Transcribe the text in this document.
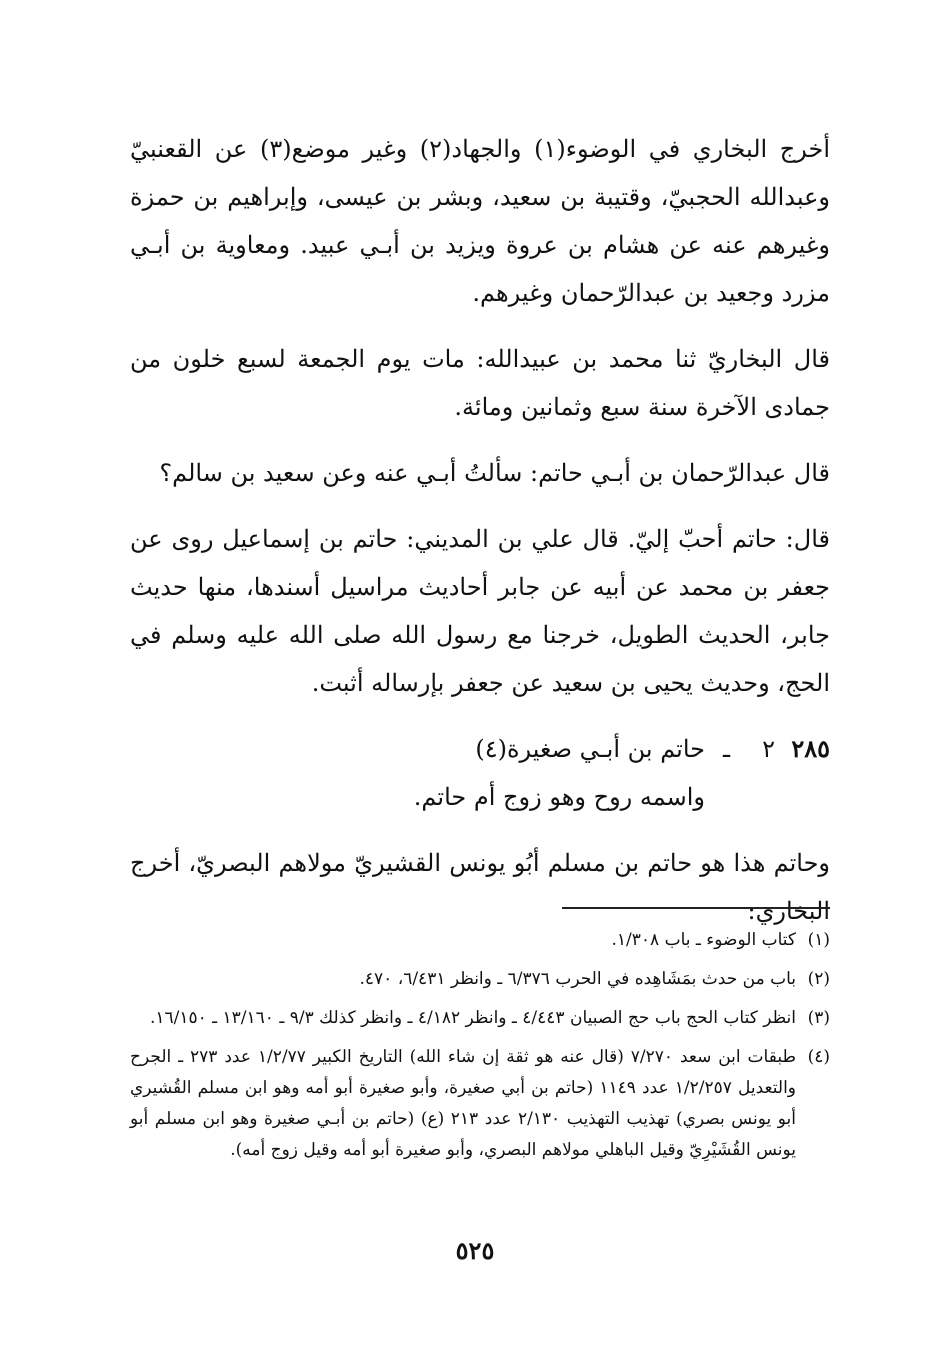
أخرج البخاري في الوضوء(١) والجهاد(٢) وغير موضع(٣) عن القعنبيّ وعبدالله الحجبيّ، وقتيبة بن سعيد، وبشر بن عيسى، وإبراهيم بن حمزة وغيرهم عنه عن هشام بن عروة ويزيد بن أبـي عبيد. ومعاوية بن أبـي مزرد وجعيد بن عبدالرّحمان وغيرهم.

قال البخاريّ ثنا محمد بن عبيدالله: مات يوم الجمعة لسبع خلون من جمادى الآخرة سنة سبع وثمانين ومائة.

قال عبدالرّحمان بن أبـي حاتم: سألتُ أبـي عنه وعن سعيد بن سالم؟

قال: حاتم أحبّ إليّ. قال علي بن المديني: حاتم بن إسماعيل روى عن جعفر بن محمد عن أبيه عن جابر أحاديث مراسيل أسندها، منها حديث جابر، الحديث الطويل، خرجنا مع رسول الله صلى الله عليه وسلم في الحج، وحديث يحيى بن سعيد عن جعفر بإرساله أثبت.

٢٨٥
٢
ـ
حاتم بن أبـي صغيرة(٤)

واسمه روح وهو زوج أم حاتم.

وحاتم هذا هو حاتم بن مسلم أبُو يونس القشيريّ مولاهم البصريّ، أخرج البخاري:

(١)
كتاب الوضوء ـ باب ١/٣٠٨.
(٢)
باب من حدث بمَشَاهِده في الحرب ٦/٣٧٦ ـ وانظر ٦/٤٣١، ٤٧٠.
(٣)
انظر كتاب الحج باب حج الصبيان ٤/٤٤٣ ـ وانظر ٤/١٨٢ ـ وانظر كذلك ٩/٣ ـ ١٣/١٦٠ ـ ١٦/١٥٠.
(٤)
طبقات ابن سعد ٧/٢٧٠ (قال عنه هو ثقة إن شاء الله) التاريخ الكبير ١/٢/٧٧ عدد ٢٧٣ ـ الجرح والتعديل ١/٢/٢٥٧ عدد ١١٤٩ (حاتم بن أبي صغيرة، وأبو صغيرة أبو أمه وهو ابن مسلم القُشيري أبو يونس بصري) تهذيب التهذيب ٢/١٣٠ عدد ٢١٣ (ع) (حاتم بن أبـي صغيرة وهو ابن مسلم أبو يونس القُشَيْرِيّ وقيل الباهلي مولاهم البصري، وأبو صغيرة أبو أمه وقيل زوج أمه).
٥٢٥
